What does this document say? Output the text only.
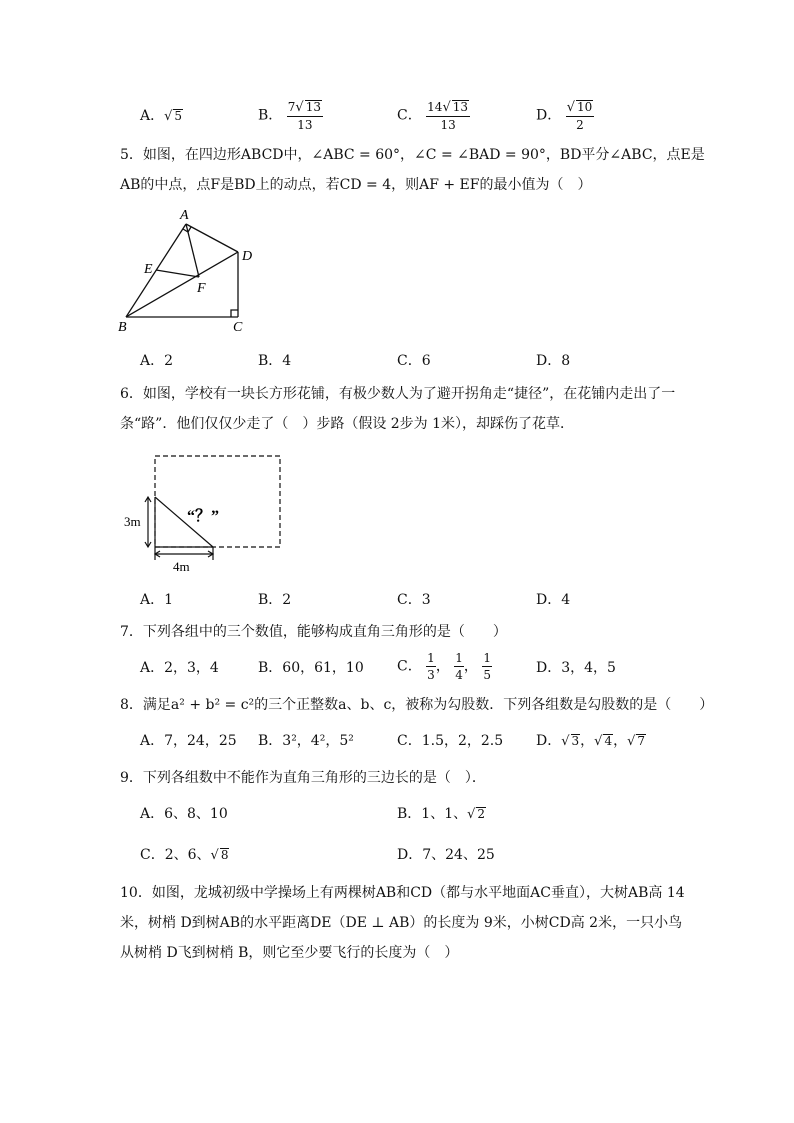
A．√ 5	B． $\frac{7√ 13}{13}$	C． $\frac{14√ 13}{13}$	D． $\frac{√ 10}{2}$
5．如图，在四边形ABCD中，∠ABC = 60°，∠C = ∠BAD = 90°，BD平分∠ABC，点E是
AB的中点，点F是BD上的动点，若CD = 4，则AF + EF的最小值为（　）
A
D
E
F
B	C
A．2	B．4	C．6	D．8
6．如图，学校有一块长方形花铺，有极少数人为了避开拐角走“捷径”，在花铺内走出了一
条“路”．他们仅仅少走了（　）步路（假设 2步为 1米），却踩伤了花草．
3m
4m
“？”
A．1	B．2	C．3	D．4
7．下列各组中的三个数值，能够构成直角三角形的是（　　）
A．2，3，4	B．60，61，10 C． $\frac{1}{3}$ ， $\frac{1}{4}$ ， $\frac{1}{5}$	D．3，4，5
8．满足a² + b² = c²的三个正整数a、b、c，被称为勾股数．下列各组数是勾股数的是（　　）
A．7，24，25 B．3²，4²，5²	C．1.5，2，2.5 D．√ 3，√ 4，√ 7
9．下列各组数中不能作为直角三角形的三边长的是（　）．
A．6、8、10	B．1、1、√ 2
C．2、6、√ 8	D．7、24、25
10．如图，龙城初级中学操场上有两棵树AB和CD（都与水平地面AC垂直），大树AB高 14
米，树梢 D到树AB的水平距离DE（DE ⊥ AB）的长度为 9米，小树CD高 2米，一只小鸟
从树梢 D飞到树梢 B，则它至少要飞行的长度为（　）
